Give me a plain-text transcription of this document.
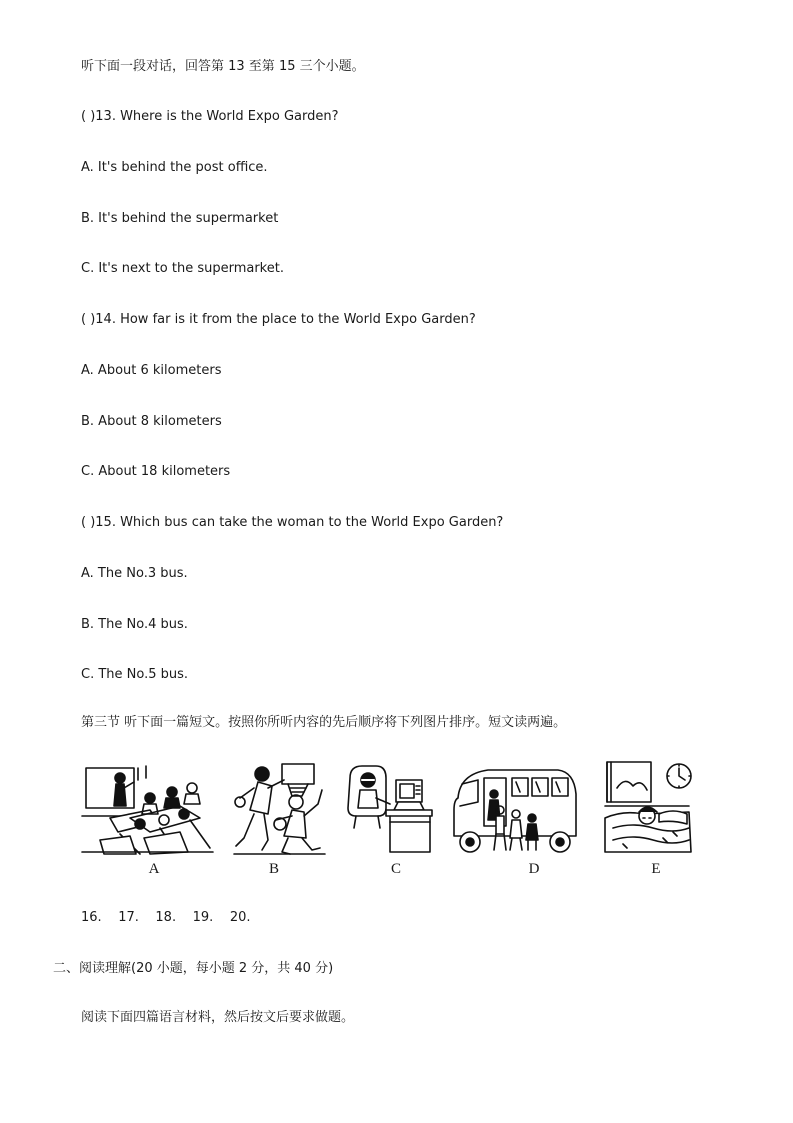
听下面一段对话，回答第 13 至第 15 三个小题。
( )13. Where is the World Expo Garden?
A. It's behind the post office.
B. It's behind the supermarket
C. It's next to the supermarket.
( )14. How far is it from the place to the World Expo Garden?
A. About 6 kilometers
B. About 8 kilometers
C. About 18 kilometers
( )15. Which bus can take the woman to the World Expo Garden?
A. The No.3 bus.
B. The No.4 bus.
C. The No.5 bus.
第三节 听下面一篇短文。按照你所听内容的先后顺序将下列图片排序。短文读两遍。
A	B	C	D	E
16.    17.    18.    19.    20.
二、阅读理解(20 小题，每小题 2 分，共 40 分)
阅读下面四篇语言材料，然后按文后要求做题。
